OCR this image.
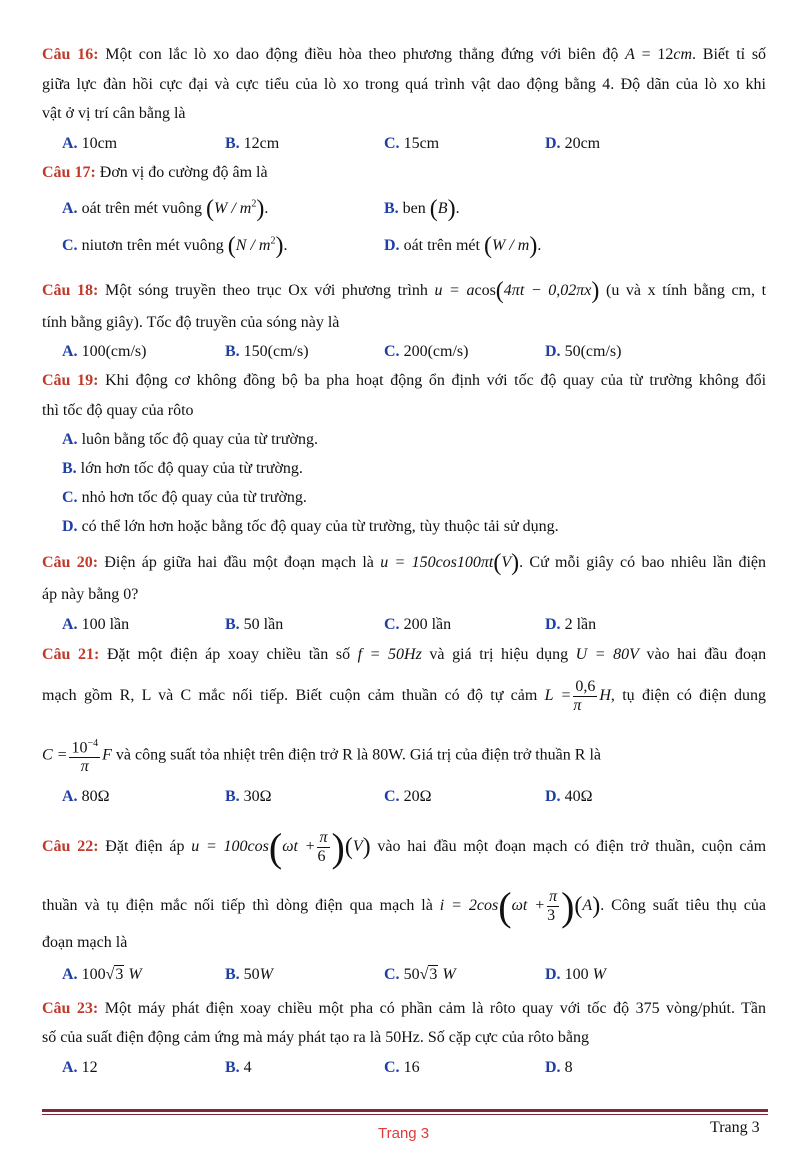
Câu 16: Một con lắc lò xo dao động điều hòa theo phương thẳng đứng với biên độ A = 12cm. Biết tỉ số
giữa lực đàn hồi cực đại và cực tiểu của lò xo trong quá trình vật dao động bằng 4. Độ dãn của lò xo khi
vật ở vị trí cân bằng là
A. 10cm	B. 12cm	C. 15cm	D. 20cm
Câu 17: Đơn vị đo cường độ âm là
A. oát trên mét vuông $(W / m^2)$.	B. ben (B).
C. niutơn trên mét vuông $(N / m^2)$.	D. oát trên mét (W / m).
Câu 18: Một sóng truyền theo trục Ox với phương trình u = acos(4πt − 0,02πx) (u và x tính bằng cm, t
tính bằng giây). Tốc độ truyền của sóng này là
A. 100(cm/s)	B. 150(cm/s)	C. 200(cm/s)	D. 50(cm/s)
Câu 19: Khi động cơ không đồng bộ ba pha hoạt động ổn định với tốc độ quay của từ trường không đổi
thì tốc độ quay của rôto
A. luôn bằng tốc độ quay của từ trường.
B. lớn hơn tốc độ quay của từ trường.
C. nhỏ hơn tốc độ quay của từ trường.
D. có thể lớn hơn hoặc bằng tốc độ quay của từ trường, tùy thuộc tải sử dụng.
Câu 20: Điện áp giữa hai đầu một đoạn mạch là u = 150cos100πt(V). Cứ mỗi giây có bao nhiêu lần điện
áp này bằng 0?
A. 100 lần	B. 50 lần	C. 200 lần	D. 2 lần
Câu 21: Đặt một điện áp xoay chiều tần số f = 50Hz và giá trị hiệu dụng U = 80V vào hai đầu đoạn
mạch gồm R, L và C mắc nối tiếp. Biết cuộn cảm thuần có độ tự cảm $L = \frac{0,6}{\pi} H$, tụ điện có điện dung
$C = \frac{10^{-4}}{\pi}$ F và công suất tỏa nhiệt trên điện trở R là 80W. Giá trị của điện trở thuần R là
A. 80Ω	B. 30Ω	C. 20Ω	D. 40Ω
Câu 22: Đặt điện áp $u = 100\cos(\omega t + \frac{\pi}{6} )(V)$ vào hai đầu một đoạn mạch có điện trở thuần, cuộn cảm
thuần và tụ điện mắc nối tiếp thì dòng điện qua mạch là $i = 2\cos(\omega t + \frac{\pi}{3} )(A)$. Công suất tiêu thụ của
đoạn mạch là
A. 100√3 W	B. 50W	C. 50√3 W	D. 100 W
Câu 23: Một máy phát điện xoay chiều một pha có phần cảm là rôto quay với tốc độ 375 vòng/phút. Tần
số của suất điện động cảm ứng mà máy phát tạo ra là 50Hz. Số cặp cực của rôto bằng
A. 12	B. 4	C. 16	D. 8
Trang 3	Trang 3
